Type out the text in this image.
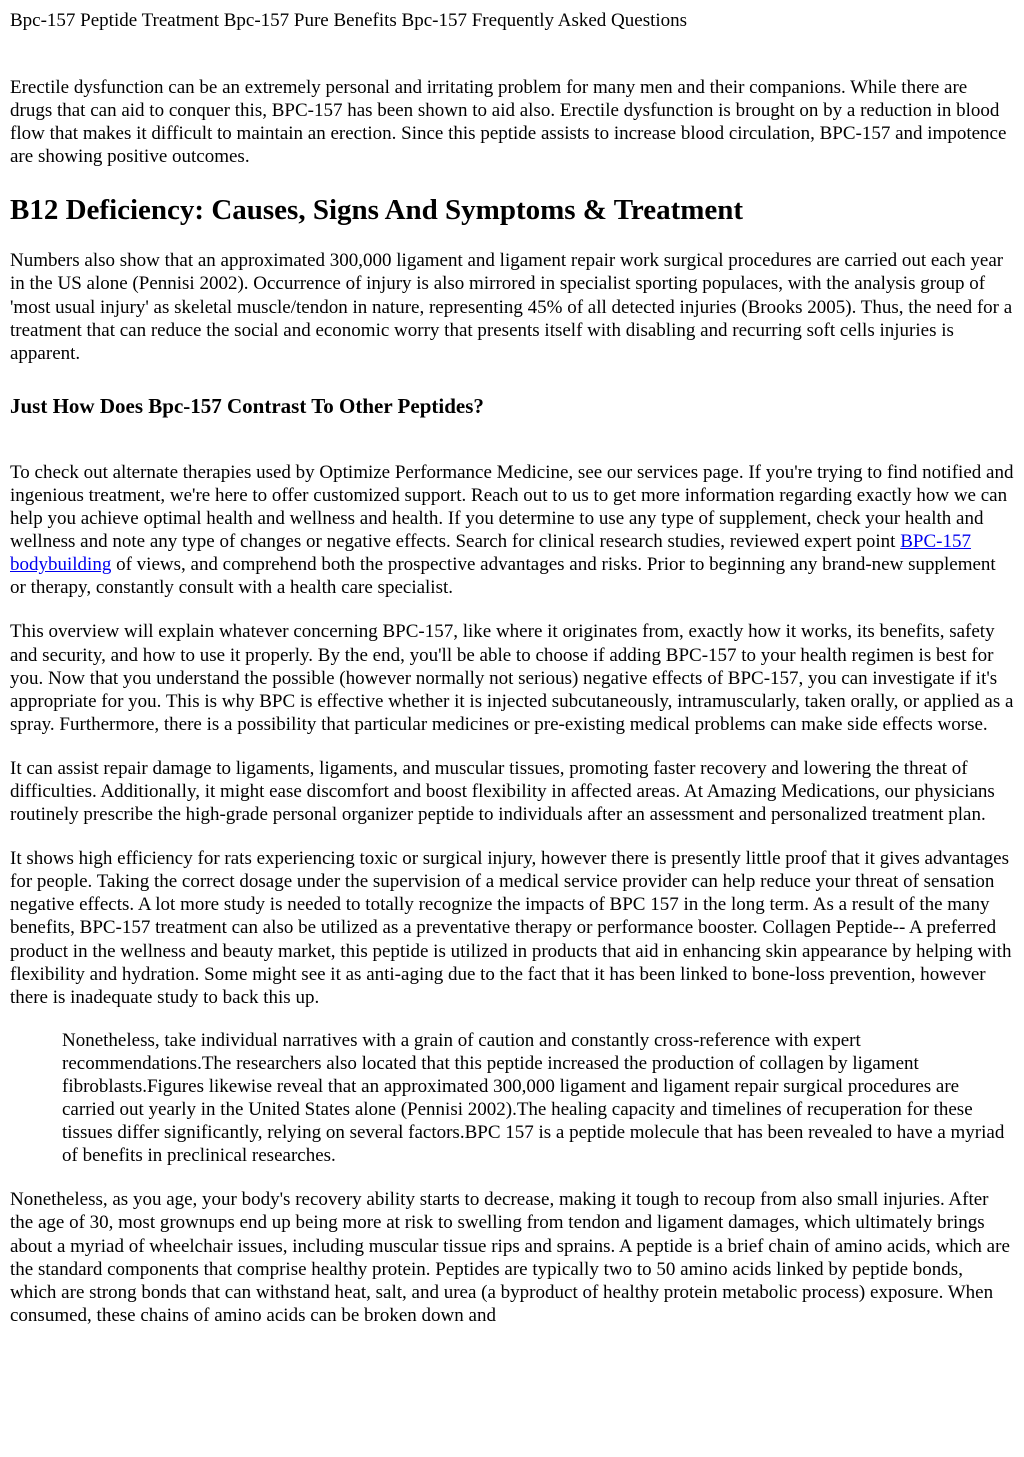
Bpc-157 Peptide Treatment Bpc-157 Pure Benefits Bpc-157 Frequently Asked Questions

Erectile dysfunction can be an extremely personal and irritating problem for many men and their companions. While there are drugs that can aid to conquer this, BPC-157 has been shown to aid also. Erectile dysfunction is brought on by a reduction in blood flow that makes it difficult to maintain an erection. Since this peptide assists to increase blood circulation, BPC-157 and impotence are showing positive outcomes.

B12 Deficiency: Causes, Signs And Symptoms & Treatment

Numbers also show that an approximated 300,000 ligament and ligament repair work surgical procedures are carried out each year in the US alone (Pennisi 2002). Occurrence of injury is also mirrored in specialist sporting populaces, with the analysis group of 'most usual injury' as skeletal muscle/tendon in nature, representing 45% of all detected injuries (Brooks 2005). Thus, the need for a treatment that can reduce the social and economic worry that presents itself with disabling and recurring soft cells injuries is apparent.

Just How Does Bpc-157 Contrast To Other Peptides?

To check out alternate therapies used by Optimize Performance Medicine, see our services page. If you're trying to find notified and ingenious treatment, we're here to offer customized support. Reach out to us to get more information regarding exactly how we can help you achieve optimal health and wellness and health. If you determine to use any type of supplement, check your health and wellness and note any type of changes or negative effects. Search for clinical research studies, reviewed expert point BPC-157 bodybuilding of views, and comprehend both the prospective advantages and risks. Prior to beginning any brand-new supplement or therapy, constantly consult with a health care specialist.

This overview will explain whatever concerning BPC-157, like where it originates from, exactly how it works, its benefits, safety and security, and how to use it properly. By the end, you'll be able to choose if adding BPC-157 to your health regimen is best for you. Now that you understand the possible (however normally not serious) negative effects of BPC-157, you can investigate if it's appropriate for you. This is why BPC is effective whether it is injected subcutaneously, intramuscularly, taken orally, or applied as a spray. Furthermore, there is a possibility that particular medicines or pre-existing medical problems can make side effects worse.

It can assist repair damage to ligaments, ligaments, and muscular tissues, promoting faster recovery and lowering the threat of difficulties. Additionally, it might ease discomfort and boost flexibility in affected areas. At Amazing Medications, our physicians routinely prescribe the high-grade personal organizer peptide to individuals after an assessment and personalized treatment plan.

It shows high efficiency for rats experiencing toxic or surgical injury, however there is presently little proof that it gives advantages for people. Taking the correct dosage under the supervision of a medical service provider can help reduce your threat of sensation negative effects. A lot more study is needed to totally recognize the impacts of BPC 157 in the long term. As a result of the many benefits, BPC-157 treatment can also be utilized as a preventative therapy or performance booster. Collagen Peptide-- A preferred product in the wellness and beauty market, this peptide is utilized in products that aid in enhancing skin appearance by helping with flexibility and hydration. Some might see it as anti-aging due to the fact that it has been linked to bone-loss prevention, however there is inadequate study to back this up.

Nonetheless, take individual narratives with a grain of caution and constantly cross-reference with expert recommendations.The researchers also located that this peptide increased the production of collagen by ligament fibroblasts.Figures likewise reveal that an approximated 300,000 ligament and ligament repair surgical procedures are carried out yearly in the United States alone (Pennisi 2002).The healing capacity and timelines of recuperation for these tissues differ significantly, relying on several factors.BPC 157 is a peptide molecule that has been revealed to have a myriad of benefits in preclinical researches.

Nonetheless, as you age, your body's recovery ability starts to decrease, making it tough to recoup from also small injuries. After the age of 30, most grownups end up being more at risk to swelling from tendon and ligament damages, which ultimately brings about a myriad of wheelchair issues, including muscular tissue rips and sprains. A peptide is a brief chain of amino acids, which are the standard components that comprise healthy protein. Peptides are typically two to 50 amino acids linked by peptide bonds, which are strong bonds that can withstand heat, salt, and urea (a byproduct of healthy protein metabolic process) exposure. When consumed, these chains of amino acids can be broken down and
